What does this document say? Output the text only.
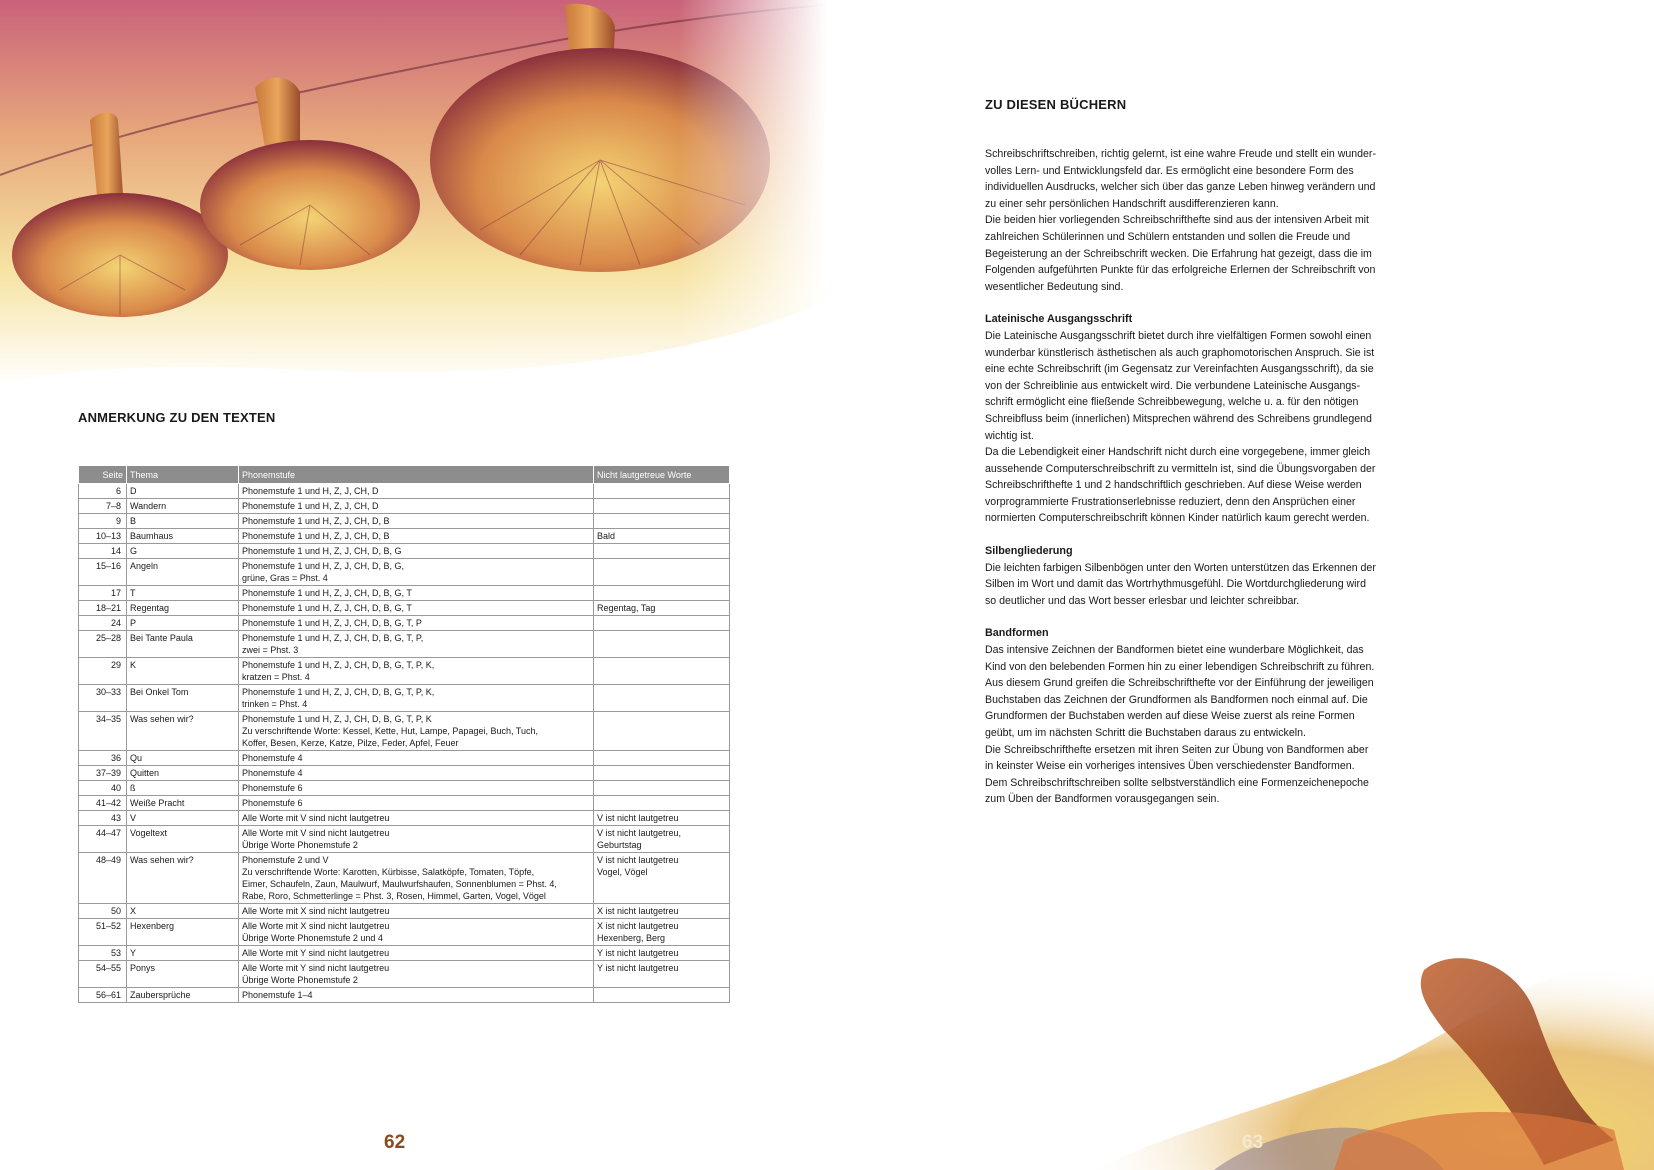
ANMERKUNG ZU DEN TEXTEN
Seite	Thema	Phonemstufe	Nicht lautgetreue Worte
6	D	Phonemstufe 1 und H, Z, J, CH, D	

7–8	Wandern	Phonemstufe 1 und H, Z, J, CH, D	

9	B	Phonemstufe 1 und H, Z, J, CH, D, B	

10–13	Baumhaus	Phonemstufe 1 und H, Z, J, CH, D, B	Bald

14	G	Phonemstufe 1 und H, Z, J, CH, D, B, G	

15–16	Angeln	Phonemstufe 1 und H, Z, J, CH, D, B, G,
grüne, Gras = Phst. 4	

17	T	Phonemstufe 1 und H, Z, J, CH, D, B, G, T	

18–21	Regentag	Phonemstufe 1 und H, Z, J, CH, D, B, G, T	Regentag, Tag

24	P	Phonemstufe 1 und H, Z, J, CH, D, B, G, T, P	

25–28	Bei Tante Paula	Phonemstufe 1 und H, Z, J, CH, D, B, G, T, P,
zwei = Phst. 3	

29	K	Phonemstufe 1 und H, Z, J, CH, D, B, G, T, P, K,
kratzen = Phst. 4	

30–33	Bei Onkel Tom	Phonemstufe 1 und H, Z, J, CH, D, B, G, T, P, K,
trinken = Phst. 4	

34–35	Was sehen wir?	Phonemstufe 1 und H, Z, J, CH, D, B, G, T, P, K
Zu verschriftende Worte: Kessel, Kette, Hut, Lampe, Papagei, Buch, Tuch,
Koffer, Besen, Kerze, Katze, Pilze, Feder, Apfel, Feuer	

36	Qu	Phonemstufe 4	

37–39	Quitten	Phonemstufe 4	

40	ß	Phonemstufe 6	

41–42	Weiße Pracht	Phonemstufe 6	

43	V	Alle Worte mit V sind nicht lautgetreu	V ist nicht lautgetreu

44–47	Vogeltext	Alle Worte mit V sind nicht lautgetreu
Übrige Worte Phonemstufe 2	V ist nicht lautgetreu,
Geburtstag

48–49	Was sehen wir?	Phonemstufe 2 und V
Zu verschriftende Worte: Karotten, Kürbisse, Salatköpfe, Tomaten, Töpfe,
Eimer, Schaufeln, Zaun, Maulwurf, Maulwurfshaufen, Sonnenblumen = Phst. 4,
Rabe, Roro, Schmetterlinge = Phst. 3, Rosen, Himmel, Garten, Vogel, Vögel	V ist nicht lautgetreu
Vogel, Vögel

50	X	Alle Worte mit X sind nicht lautgetreu	X ist nicht lautgetreu

51–52	Hexenberg	Alle Worte mit X sind nicht lautgetreu
Übrige Worte Phonemstufe 2 und 4	X ist nicht lautgetreu
Hexenberg, Berg

53	Y	Alle Worte mit Y sind nicht lautgetreu	Y ist nicht lautgetreu

54–55	Ponys	Alle Worte mit Y sind nicht lautgetreu
Übrige Worte Phonemstufe 2	Y ist nicht lautgetreu

56–61	Zaubersprüche	Phonemstufe 1–4	

62
ZU DIESEN BÜCHERN

Schreibschriftschreiben, richtig gelernt, ist eine wahre Freude und stellt ein wunder-
volles Lern- und Entwicklungsfeld dar. Es ermöglicht eine besondere Form des
individuellen Ausdrucks, welcher sich über das ganze Leben hinweg verändern und
zu einer sehr persönlichen Handschrift ausdifferenzieren kann.
Die beiden hier vorliegenden Schreibschrifthefte sind aus der intensiven Arbeit mit
zahlreichen Schülerinnen und Schülern entstanden und sollen die Freude und
Begeisterung an der Schreibschrift wecken. Die Erfahrung hat gezeigt, dass die im
Folgenden aufgeführten Punkte für das erfolgreiche Erlernen der Schreibschrift von
wesentlicher Bedeutung sind.

Lateinische Ausgangsschrift

Die Lateinische Ausgangsschrift bietet durch ihre vielfältigen Formen sowohl einen
wunderbar künstlerisch ästhetischen als auch graphomotorischen Anspruch. Sie ist
eine echte Schreibschrift (im Gegensatz zur Vereinfachten Ausgangsschrift), da sie
von der Schreiblinie aus entwickelt wird. Die verbundene Lateinische Ausgangs-
schrift ermöglicht eine fließende Schreibbewegung, welche u. a. für den nötigen
Schreibfluss beim (innerlichen) Mitsprechen während des Schreibens grundlegend
wichtig ist.
Da die Lebendigkeit einer Handschrift nicht durch eine vorgegebene, immer gleich
aussehende Computerschreibschrift zu vermitteln ist, sind die Übungsvorgaben der
Schreibschrifthefte 1 und 2 handschriftlich geschrieben. Auf diese Weise werden
vorprogrammierte Frustrationserlebnisse reduziert, denn den Ansprüchen einer
normierten Computerschreibschrift können Kinder natürlich kaum gerecht werden.

Silbengliederung

Die leichten farbigen Silbenbögen unter den Worten unterstützen das Erkennen der
Silben im Wort und damit das Wortrhythmusgefühl. Die Wortdurchgliederung wird
so deutlicher und das Wort besser erlesbar und leichter schreibbar.

Bandformen

Das intensive Zeichnen der Bandformen bietet eine wunderbare Möglichkeit, das
Kind von den belebenden Formen hin zu einer lebendigen Schreibschrift zu führen.
Aus diesem Grund greifen die Schreibschrifthefte vor der Einführung der jeweiligen
Buchstaben das Zeichnen der Grundformen als Bandformen noch einmal auf. Die
Grundformen der Buchstaben werden auf diese Weise zuerst als reine Formen
geübt, um im nächsten Schritt die Buchstaben daraus zu entwickeln.
Die Schreibschrifthefte ersetzen mit ihren Seiten zur Übung von Bandformen aber
in keinster Weise ein vorheriges intensives Üben verschiedenster Bandformen.
Dem Schreibschriftschreiben sollte selbstverständlich eine Formenzeichenepoche
zum Üben der Bandformen vorausgegangen sein.

63
